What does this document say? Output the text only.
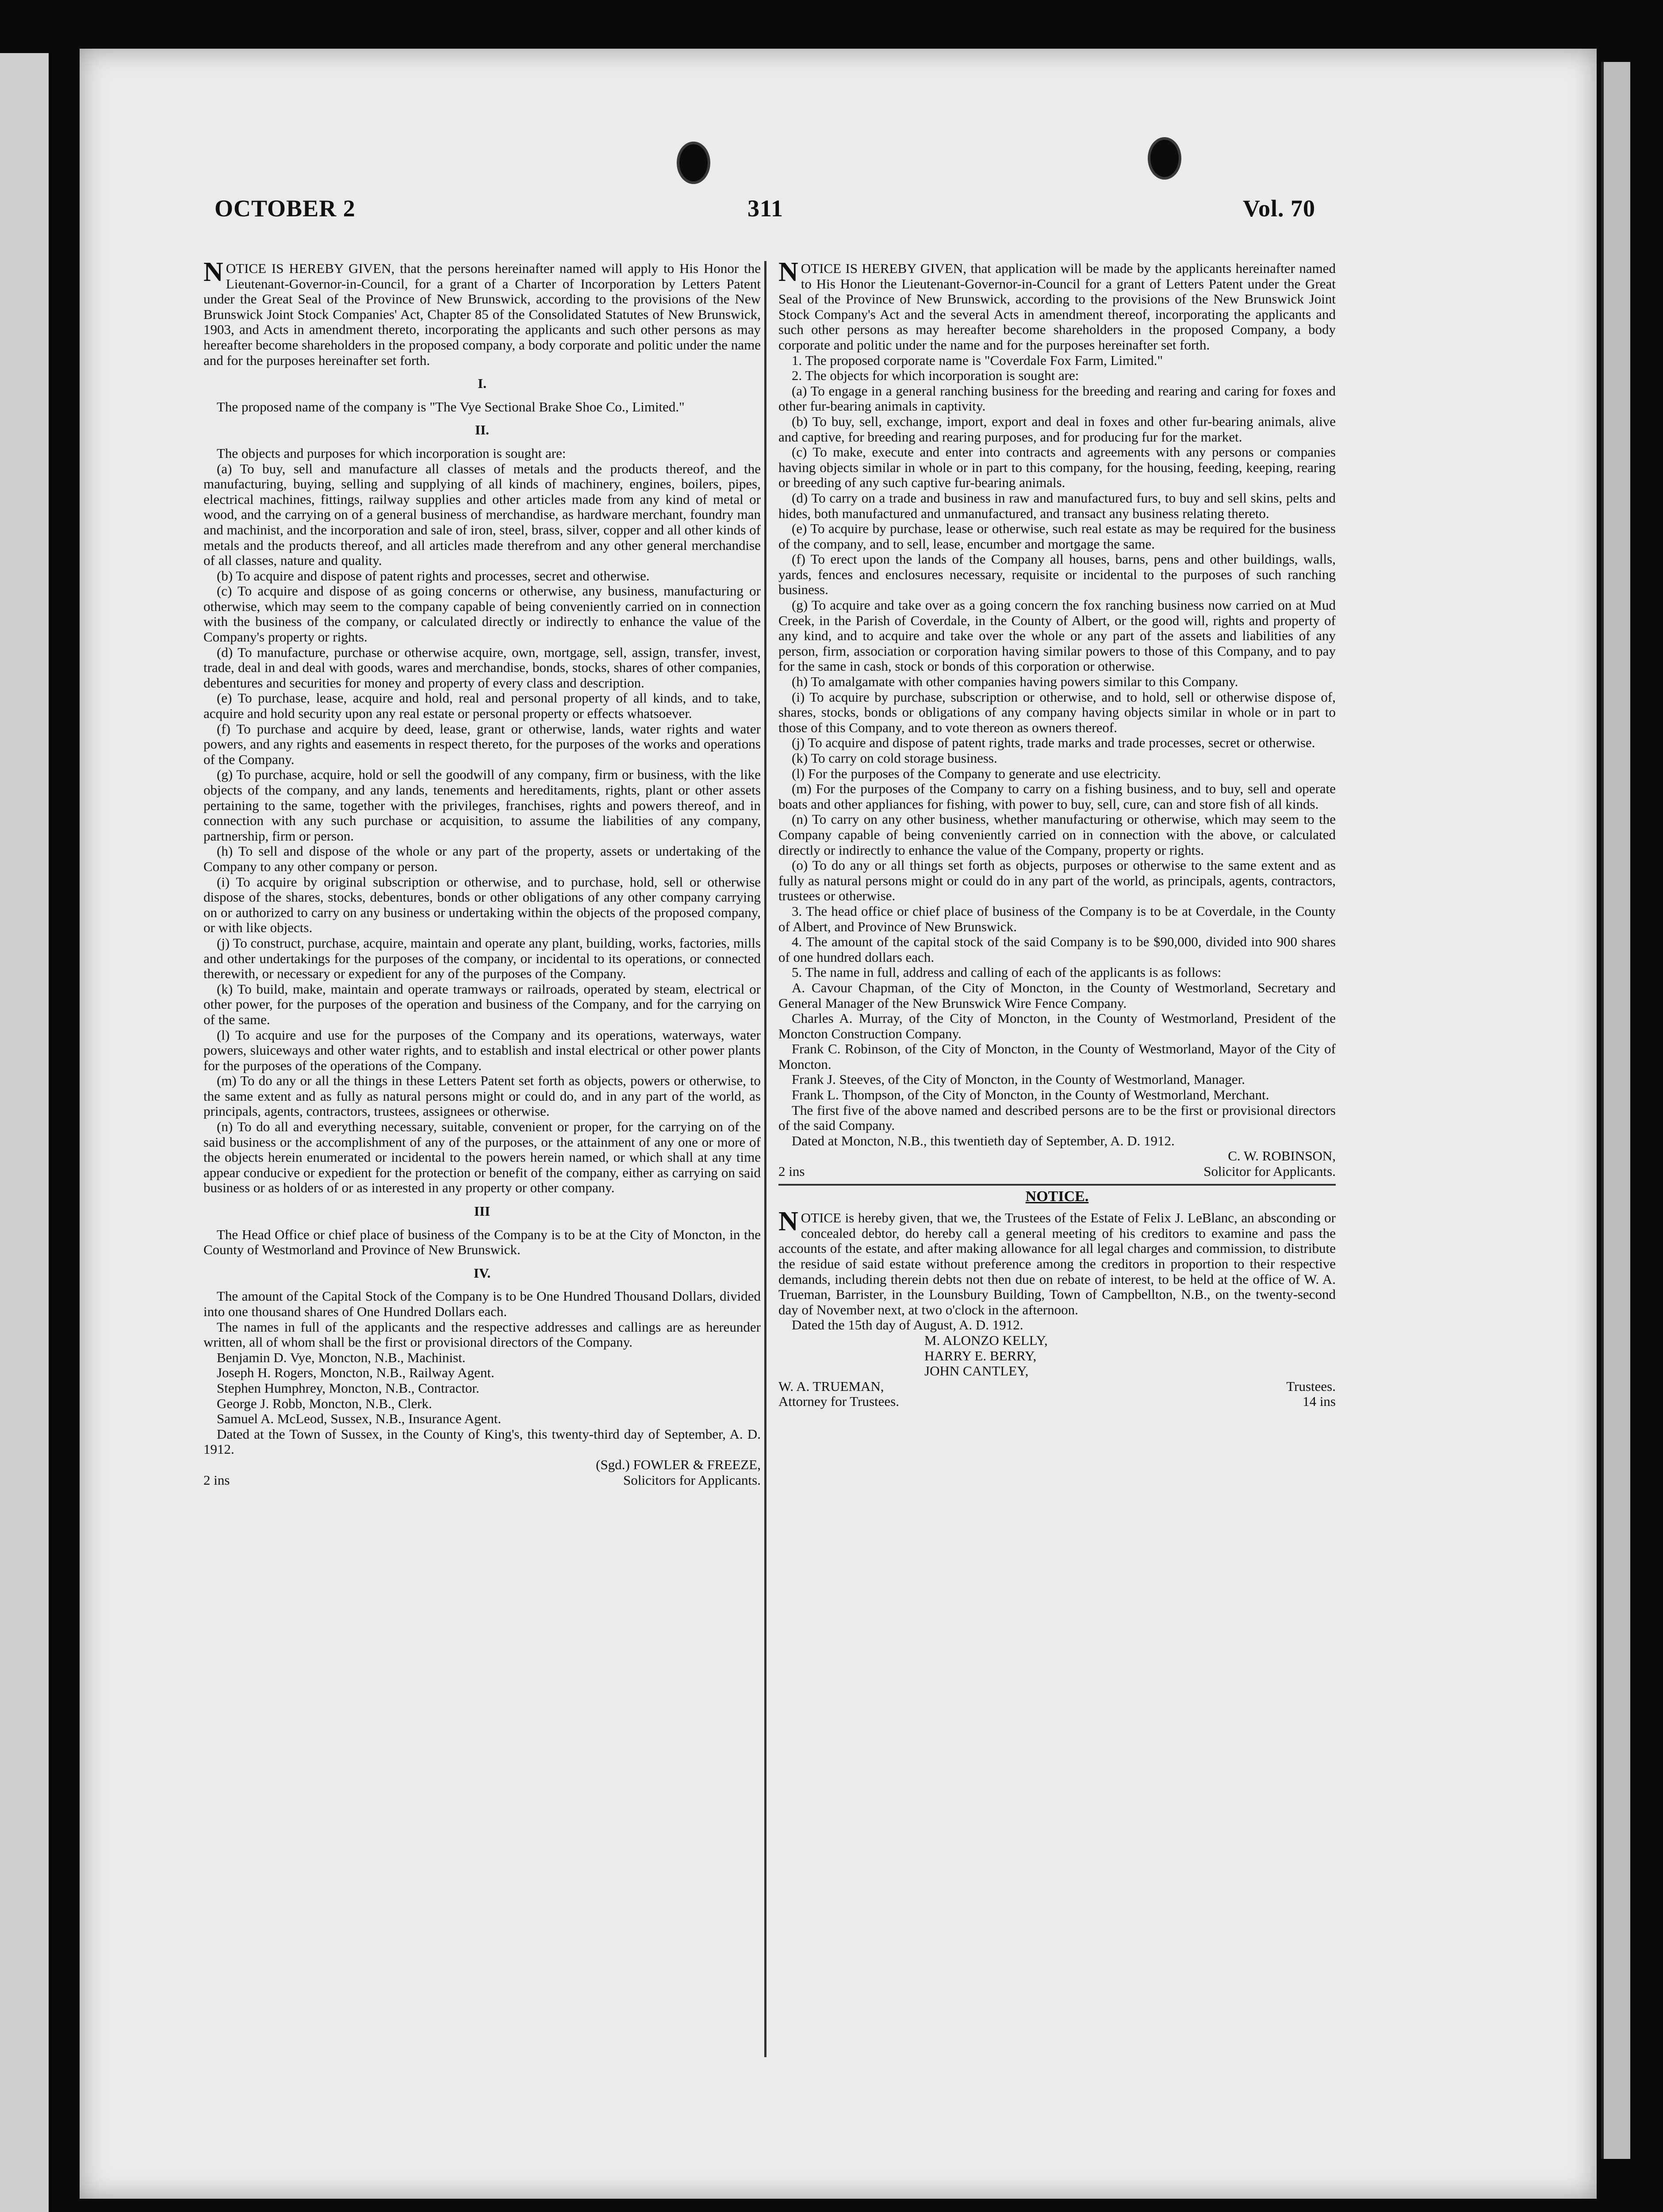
OCTOBER 2	311	Vol. 70

NOTICE IS HEREBY GIVEN, that the persons hereinafter named will apply to His Honor the Lieutenant-Governor-in-Council, for a grant of a Charter of Incorporation by Letters Patent under the Great Seal of the Province of New Brunswick, according to the provisions of the New Brunswick Joint Stock Companies' Act, Chapter 85 of the Consolidated Statutes of New Brunswick, 1903, and Acts in amendment thereto, incorporating the applicants and such other persons as may hereafter become shareholders in the proposed company, a body corporate and politic under the name and for the purposes hereinafter set forth.

I.

The proposed name of the company is "The Vye Sectional Brake Shoe Co., Limited."

II.

The objects and purposes for which incorporation is sought are:

(a) To buy, sell and manufacture all classes of metals and the products thereof, and the manufacturing, buying, selling and supplying of all kinds of machinery, engines, boilers, pipes, electrical machines, fittings, railway supplies and other articles made from any kind of metal or wood, and the carrying on of a general business of merchandise, as hardware merchant, foundry man and machinist, and the incorporation and sale of iron, steel, brass, silver, copper and all other kinds of metals and the products thereof, and all articles made therefrom and any other general merchandise of all classes, nature and quality.

(b) To acquire and dispose of patent rights and processes, secret and otherwise.

(c) To acquire and dispose of as going concerns or otherwise, any business, manufacturing or otherwise, which may seem to the company capable of being conveniently carried on in connection with the business of the company, or calculated directly or indirectly to enhance the value of the Company's property or rights.

(d) To manufacture, purchase or otherwise acquire, own, mortgage, sell, assign, transfer, invest, trade, deal in and deal with goods, wares and merchandise, bonds, stocks, shares of other companies, debentures and securities for money and property of every class and description.

(e) To purchase, lease, acquire and hold, real and personal property of all kinds, and to take, acquire and hold security upon any real estate or personal property or effects whatsoever.

(f) To purchase and acquire by deed, lease, grant or otherwise, lands, water rights and water powers, and any rights and easements in respect thereto, for the purposes of the works and operations of the Company.

(g) To purchase, acquire, hold or sell the goodwill of any company, firm or business, with the like objects of the company, and any lands, tenements and hereditaments, rights, plant or other assets pertaining to the same, together with the privileges, franchises, rights and powers thereof, and in connection with any such purchase or acquisition, to assume the liabilities of any company, partnership, firm or person.

(h) To sell and dispose of the whole or any part of the property, assets or undertaking of the Company to any other company or person.

(i) To acquire by original subscription or otherwise, and to purchase, hold, sell or otherwise dispose of the shares, stocks, debentures, bonds or other obligations of any other company carrying on or authorized to carry on any business or undertaking within the objects of the proposed company, or with like objects.

(j) To construct, purchase, acquire, maintain and operate any plant, building, works, factories, mills and other undertakings for the purposes of the company, or incidental to its operations, or connected therewith, or necessary or expedient for any of the purposes of the Company.

(k) To build, make, maintain and operate tramways or railroads, operated by steam, electrical or other power, for the purposes of the operation and business of the Company, and for the carrying on of the same.

(l) To acquire and use for the purposes of the Company and its operations, waterways, water powers, sluiceways and other water rights, and to establish and instal electrical or other power plants for the purposes of the operations of the Company.

(m) To do any or all the things in these Letters Patent set forth as objects, powers or otherwise, to the same extent and as fully as natural persons might or could do, and in any part of the world, as principals, agents, contractors, trustees, assignees or otherwise.

(n) To do all and everything necessary, suitable, convenient or proper, for the carrying on of the said business or the accomplishment of any of the purposes, or the attainment of any one or more of the objects herein enumerated or incidental to the powers herein named, or which shall at any time appear conducive or expedient for the protection or benefit of the company, either as carrying on said business or as holders of or as interested in any property or other company.

III

The Head Office or chief place of business of the Company is to be at the City of Moncton, in the County of Westmorland and Province of New Brunswick.

IV.

The amount of the Capital Stock of the Company is to be One Hundred Thousand Dollars, divided into one thousand shares of One Hundred Dollars each.

The names in full of the applicants and the respective addresses and callings are as hereunder written, all of whom shall be the first or provisional directors of the Company.

Benjamin D. Vye, Moncton, N.B., Machinist.

Joseph H. Rogers, Moncton, N.B., Railway Agent.

Stephen Humphrey, Moncton, N.B., Contractor.

George J. Robb, Moncton, N.B., Clerk.

Samuel A. McLeod, Sussex, N.B., Insurance Agent.

Dated at the Town of Sussex, in the County of King's, this twenty-third day of September, A. D. 1912.

(Sgd.) FOWLER & FREEZE,

2 ins	Solicitors for Applicants.

NOTICE IS HEREBY GIVEN, that application will be made by the applicants hereinafter named to His Honor the Lieutenant-Governor-in-Council for a grant of Letters Patent under the Great Seal of the Province of New Brunswick, according to the provisions of the New Brunswick Joint Stock Company's Act and the several Acts in amendment thereof, incorporating the applicants and such other persons as may hereafter become shareholders in the proposed Company, a body corporate and politic under the name and for the purposes hereinafter set forth.

1. The proposed corporate name is "Coverdale Fox Farm, Limited."

2. The objects for which incorporation is sought are:

(a) To engage in a general ranching business for the breeding and rearing and caring for foxes and other fur-bearing animals in captivity.

(b) To buy, sell, exchange, import, export and deal in foxes and other fur-bearing animals, alive and captive, for breeding and rearing purposes, and for producing fur for the market.

(c) To make, execute and enter into contracts and agreements with any persons or companies having objects similar in whole or in part to this company, for the housing, feeding, keeping, rearing or breeding of any such captive fur-bearing animals.

(d) To carry on a trade and business in raw and manufactured furs, to buy and sell skins, pelts and hides, both manufactured and unmanufactured, and transact any business relating thereto.

(e) To acquire by purchase, lease or otherwise, such real estate as may be required for the business of the company, and to sell, lease, encumber and mortgage the same.

(f) To erect upon the lands of the Company all houses, barns, pens and other buildings, walls, yards, fences and enclosures necessary, requisite or incidental to the purposes of such ranching business.

(g) To acquire and take over as a going concern the fox ranching business now carried on at Mud Creek, in the Parish of Coverdale, in the County of Albert, or the good will, rights and property of any kind, and to acquire and take over the whole or any part of the assets and liabilities of any person, firm, association or corporation having similar powers to those of this Company, and to pay for the same in cash, stock or bonds of this corporation or otherwise.

(h) To amalgamate with other companies having powers similar to this Company.

(i) To acquire by purchase, subscription or otherwise, and to hold, sell or otherwise dispose of, shares, stocks, bonds or obligations of any company having objects similar in whole or in part to those of this Company, and to vote thereon as owners thereof.

(j) To acquire and dispose of patent rights, trade marks and trade processes, secret or otherwise.

(k) To carry on cold storage business.

(l) For the purposes of the Company to generate and use electricity.

(m) For the purposes of the Company to carry on a fishing business, and to buy, sell and operate boats and other appliances for fishing, with power to buy, sell, cure, can and store fish of all kinds.

(n) To carry on any other business, whether manufacturing or otherwise, which may seem to the Company capable of being conveniently carried on in connection with the above, or calculated directly or indirectly to enhance the value of the Company, property or rights.

(o) To do any or all things set forth as objects, purposes or otherwise to the same extent and as fully as natural persons might or could do in any part of the world, as principals, agents, contractors, trustees or otherwise.

3. The head office or chief place of business of the Company is to be at Coverdale, in the County of Albert, and Province of New Brunswick.

4. The amount of the capital stock of the said Company is to be $90,000, divided into 900 shares of one hundred dollars each.

5. The name in full, address and calling of each of the applicants is as follows:

A. Cavour Chapman, of the City of Moncton, in the County of Westmorland, Secretary and General Manager of the New Brunswick Wire Fence Company.

Charles A. Murray, of the City of Moncton, in the County of Westmorland, President of the Moncton Construction Company.

Frank C. Robinson, of the City of Moncton, in the County of Westmorland, Mayor of the City of Moncton.

Frank J. Steeves, of the City of Moncton, in the County of Westmorland, Manager.

Frank L. Thompson, of the City of Moncton, in the County of Westmorland, Merchant.

The first five of the above named and described persons are to be the first or provisional directors of the said Company.

Dated at Moncton, N.B., this twentieth day of September, A. D. 1912.

C. W. ROBINSON,

2 ins	Solicitor for Applicants.

NOTICE.

NOTICE is hereby given, that we, the Trustees of the Estate of Felix J. LeBlanc, an absconding or concealed debtor, do hereby call a general meeting of his creditors to examine and pass the accounts of the estate, and after making allowance for all legal charges and commission, to distribute the residue of said estate without preference among the creditors in proportion to their respective demands, including therein debts not then due on rebate of interest, to be held at the office of W. A. Trueman, Barrister, in the Lounsbury Building, Town of Campbellton, N.B., on the twenty-second day of November next, at two o'clock in the afternoon.

Dated the 15th day of August, A. D. 1912.

M. ALONZO KELLY,

HARRY E. BERRY,

JOHN CANTLEY,

W. A. TRUEMAN,	Trustees.

Attorney for Trustees.	14 ins
